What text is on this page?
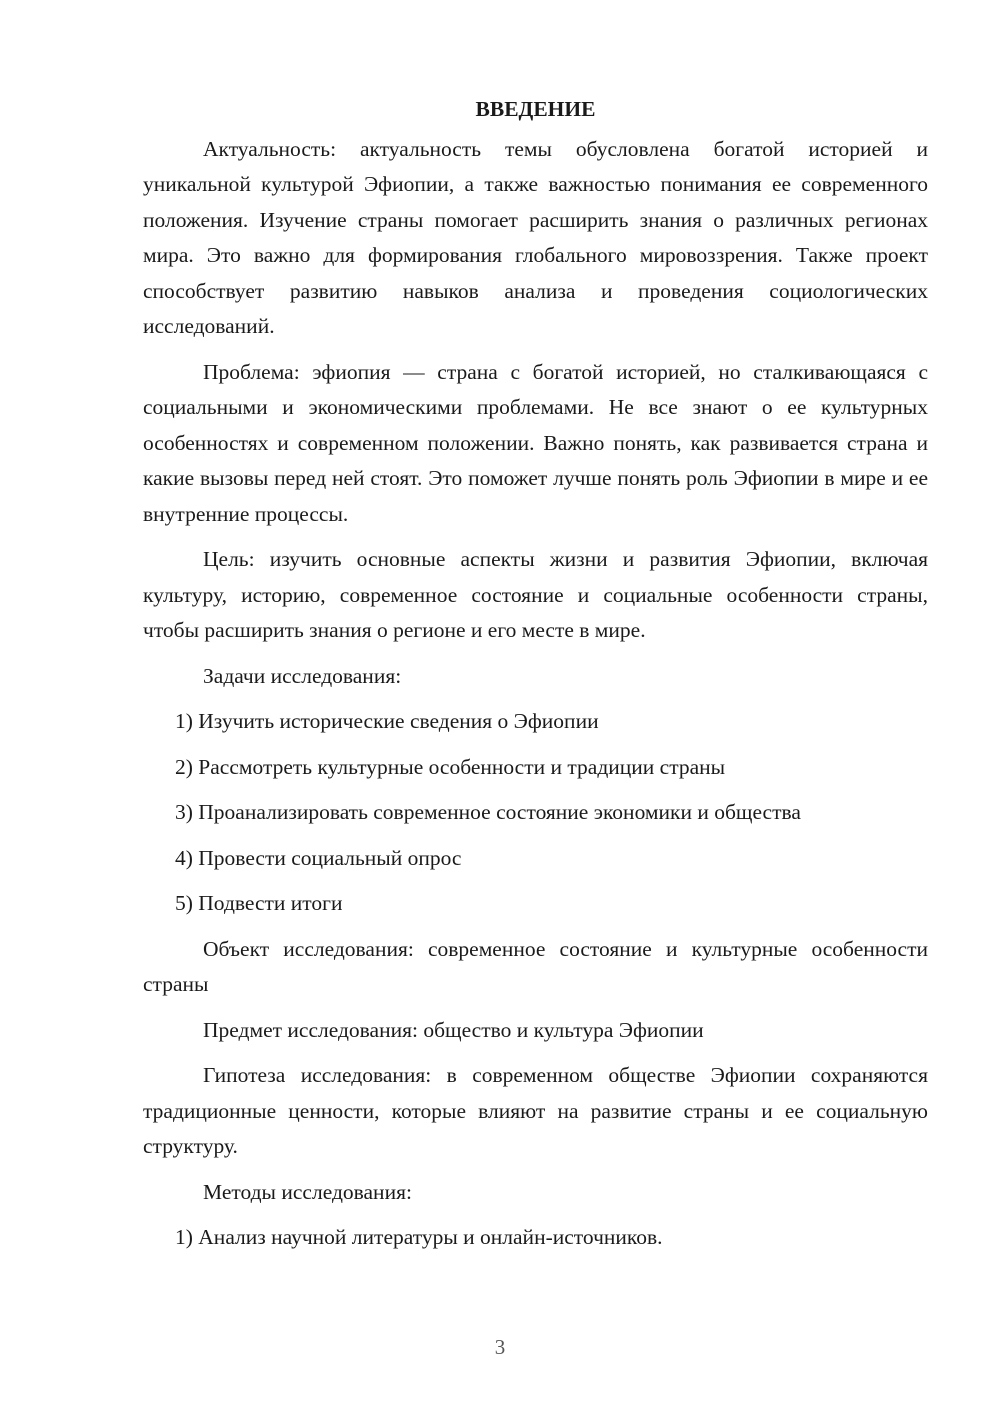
ВВЕДЕНИЕ

Актуальность: актуальность темы обусловлена богатой историей и уникальной культурой Эфиопии, а также важностью понимания ее современного положения. Изучение страны помогает расширить знания о различных регионах мира. Это важно для формирования глобального мировоззрения. Также проект способствует развитию навыков анализа и проведения социологических исследований.

Проблема: эфиопия — страна с богатой историей, но сталкивающаяся с социальными и экономическими проблемами. Не все знают о ее культурных особенностях и современном положении. Важно понять, как развивается страна и какие вызовы перед ней стоят. Это поможет лучше понять роль Эфиопии в мире и ее внутренние процессы.

Цель: изучить основные аспекты жизни и развития Эфиопии, включая культуру, историю, современное состояние и социальные особенности страны, чтобы расширить знания о регионе и его месте в мире.

Задачи исследования:

1) Изучить исторические сведения о Эфиопии
2) Рассмотреть культурные особенности и традиции страны
3) Проанализировать современное состояние экономики и общества
4) Провести социальный опрос
5) Подвести итоги

Объект исследования: современное состояние и культурные особенности страны

Предмет исследования: общество и культура Эфиопии

Гипотеза исследования: в современном обществе Эфиопии сохраняются традиционные ценности, которые влияют на развитие страны и ее социальную структуру.

Методы исследования:

1) Анализ научной литературы и онлайн-источников.
3
